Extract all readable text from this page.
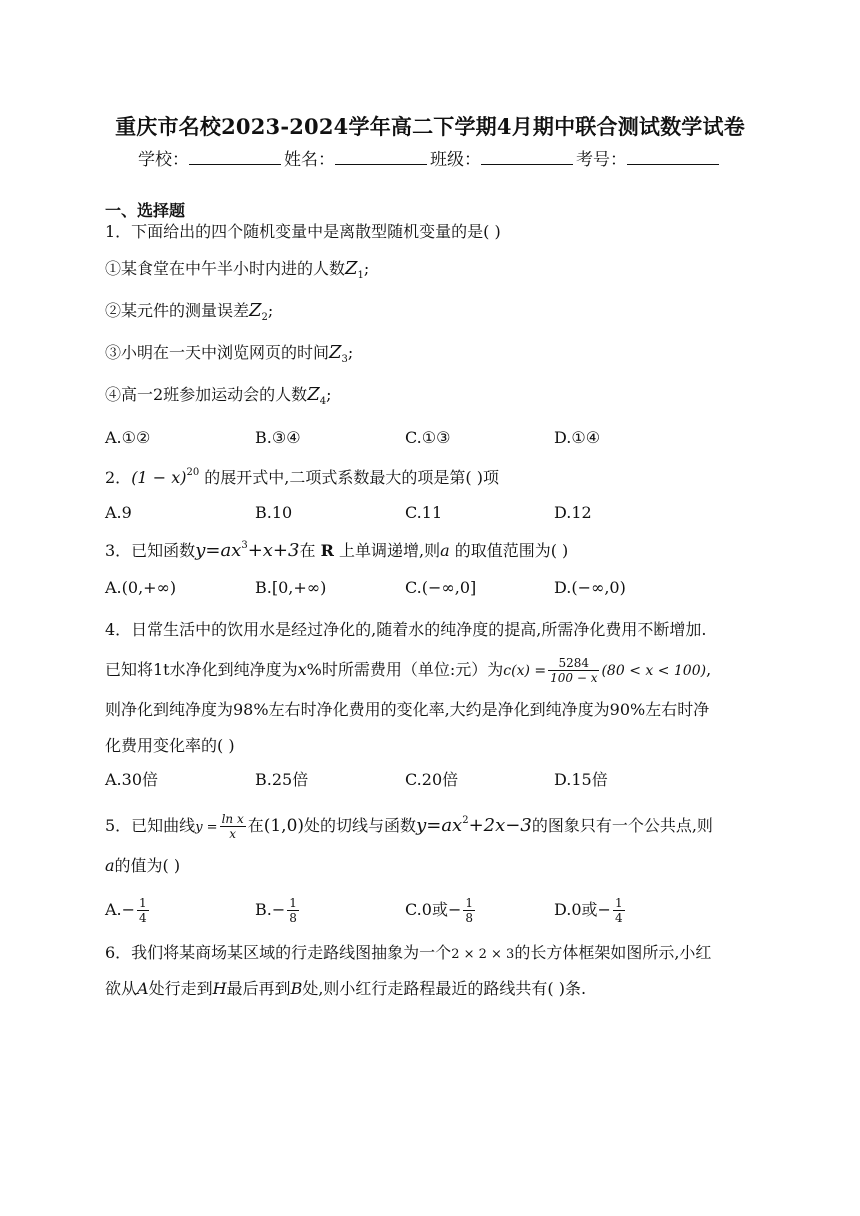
重庆市名校2023-2024学年高二下学期4月期中联合测试数学试卷
学校：	姓名：	班级：	考号：
一、选择题
1．下面给出的四个随机变量中是离散型随机变量的是( )
①某食堂在中午半小时内进的人数$Z_1$;
②某元件的测量误差$Z_2$;
③小明在一天中浏览网页的时间$Z_3$;
④高一2班参加运动会的人数$Z_4$;
A.①②	B.③④	C.①③	D.①④
2．$(1 - x)^{20}$ 的展开式中,二项式系数最大的项是第( )项
A.9	B.10	C.11	D.12
3．已知函数$y=ax^3+x+3$在 R 上单调递增,则a 的取值范围为( )
A.(0,+∞)	B.[0,+∞)	C.(−∞,0]	D.(−∞,0)
4．日常生活中的饮用水是经过净化的,随着水的纯净度的提高,所需净化费用不断增加.
已知将1t水净化到纯净度为x%时所需费用（单位:元）为$c(x) = \frac{5284}{100 - x} (80 < x < 100)$,
则净化到纯净度为98%左右时净化费用的变化率,大约是净化到纯净度为90%左右时净
化费用变化率的( )
A.30倍	B.25倍	C.20倍	D.15倍
5．已知曲线$y = \frac{\text{ln x}}{x}$ 在(1,0)处的切线与函数$y=ax^2+2x-3$的图象只有一个公共点,则
a的值为( )
$A.- \frac{1}{4}$	$B.- \frac{1}{8}$	C.0或− $\frac{1}{8}$	D.0或− $\frac{1}{4}$
6．我们将某商场某区域的行走路线图抽象为一个2 × 2 × 3的长方体框架如图所示,小红
欲从A处行走到H最后再到B处,则小红行走路程最近的路线共有( )条.
